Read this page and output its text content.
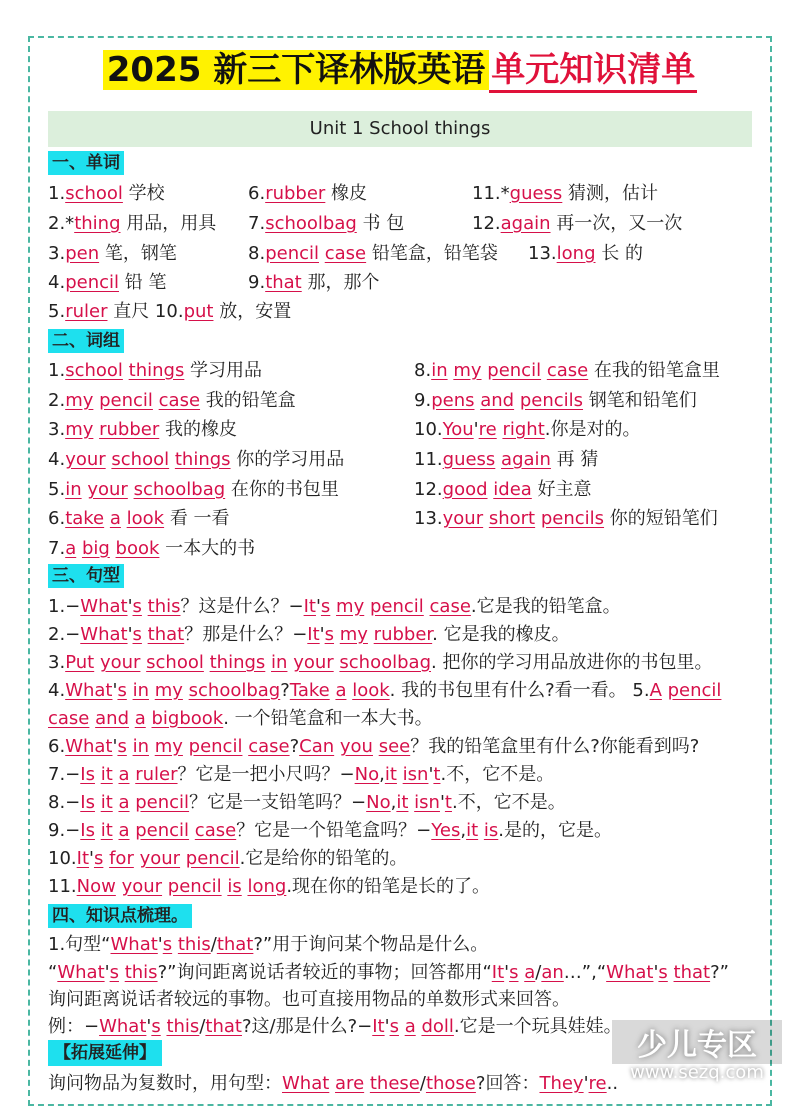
2025 新三下译林版英语 单元知识清单
Unit 1 School things
一、单词
二、词组
三、句型
四、知识点梳理。
【拓展延伸】
1.school 学校	6.rubber 橡皮	11.*guess 猜测，估计
2.*thing 用品，用具 7.schoolbag 书 包	12.again 再一次，又一次
3.pen 笔，钢笔	8.pencil case 铅笔盒，铅笔袋 13.long 长 的
4.pencil 铅 笔	9.that 那，那个
5.ruler 直尺 10.put 放，安置
1.school things 学习用品	8.in my pencil case 在我的铅笔盒里
2.my pencil case 我的铅笔盒	9.pens and pencils 钢笔和铅笔们
3.my rubber 我的橡皮	10.You're right.你是对的。
4.your school things 你的学习用品	11.guess again 再 猜
5.in your schoolbag 在你的书包里	12.good idea 好主意
6.take a look 看 一看	13.your short pencils 你的短铅笔们
7.a big book 一本大的书
1.−What's this？这是什么？−It's my pencil case.它是我的铅笔盒。
2.−What's that？那是什么？−It's my rubber. 它是我的橡皮。
3.Put your school things in your schoolbag. 把你的学习用品放进你的书包里。
4.What's in my schoolbag?Take a look. 我的书包里有什么?看一看。 5.A pencil
case and a bigbook. 一个铅笔盒和一本大书。
6.What's in my pencil case?Can you see？我的铅笔盒里有什么?你能看到吗?
7.−Is it a ruler？它是一把小尺吗？−No,it isn't.不，它不是。
8.−Is it a pencil？它是一支铅笔吗？−No,it isn't.不，它不是。
9.−Is it a pencil case？它是一个铅笔盒吗？−Yes,it is.是的，它是。
10.It's for your pencil.它是给你的铅笔的。
11.Now your pencil is long.现在你的铅笔是长的了。
1.句型“What's this/that?”用于询问某个物品是什么。
“What's this?”询问距离说话者较近的事物；回答都用“It's a/an…”,“What's that?”
询问距离说话者较远的事物。也可直接用物品的单数形式来回答。
例：−What's this/that?这/那是什么?−It's a doll.它是一个玩具娃娃。
询问物品为复数时，用句型：What are these/those?回答：They're..
少儿专区
www.sezq.com
